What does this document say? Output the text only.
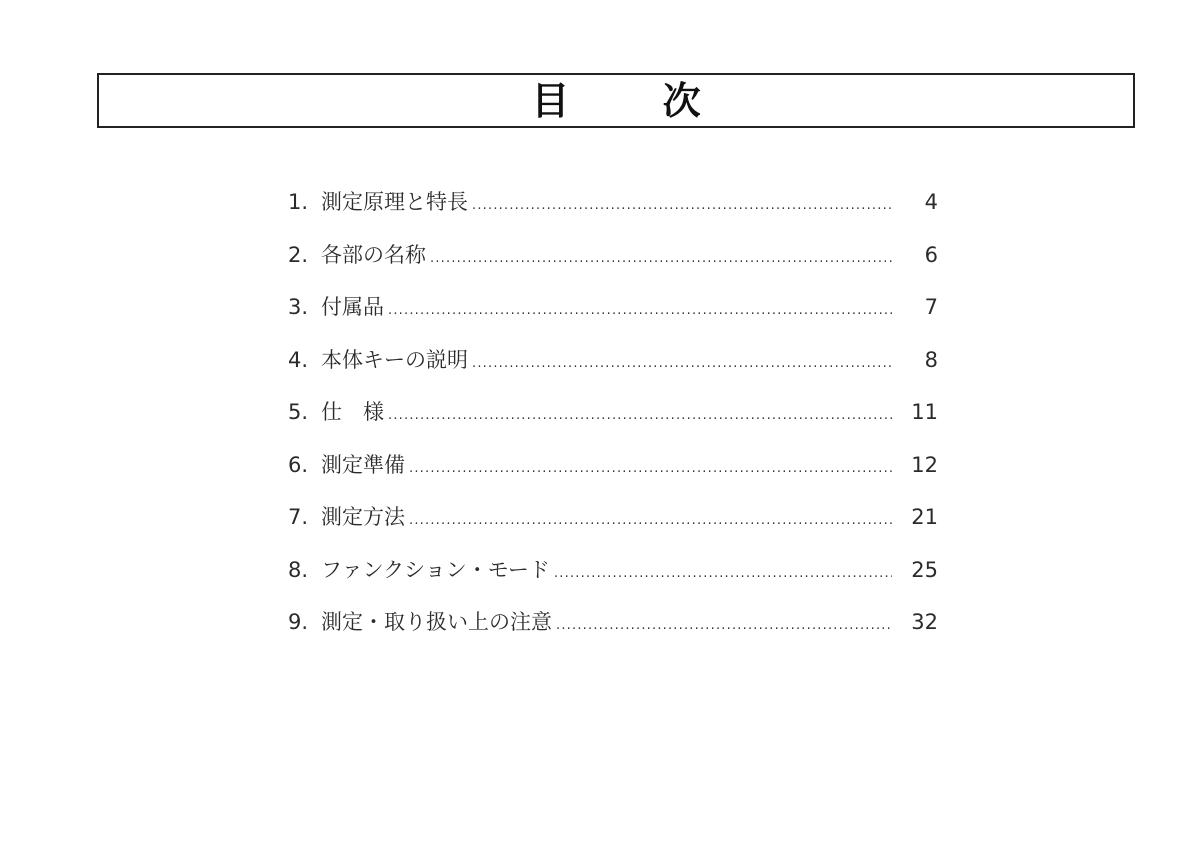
目 次
1. 測定原理と特長 .....	4
2. 各部の名称 .....	6
3. 付属品 .....	7
4. 本体キーの説明 .....	8
5. 仕　様 .....	11
6. 測定準備 .....	12
7. 測定方法 .....	21
8. ファンクション・モード .....	25
9. 測定・取り扱い上の注意 .....	32
